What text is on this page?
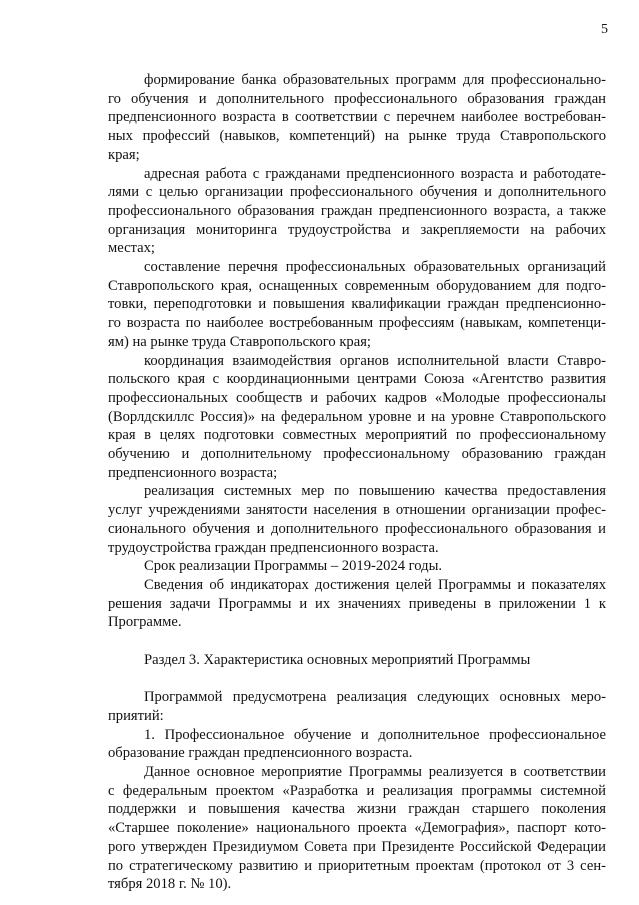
5
формирование банка образовательных программ для профессионально-
го обучения и дополнительного профессионального образования граждан
предпенсионного возраста в соответствии с перечнем наиболее востребован-
ных профессий (навыков, компетенций) на рынке труда Ставропольского
края;
адресная работа с гражданами предпенсионного возраста и работодате-
лями с целью организации профессионального обучения и дополнительного
профессионального образования граждан предпенсионного возраста, а также
организация мониторинга трудоустройства и закрепляемости на рабочих
местах;
составление перечня профессиональных образовательных организаций
Ставропольского края, оснащенных современным оборудованием для подго-
товки, переподготовки и повышения квалификации граждан предпенсионно-
го возраста по наиболее востребованным профессиям (навыкам, компетенци-
ям) на рынке труда Ставропольского края;
координация взаимодействия органов исполнительной власти Ставро-
польского края с координационными центрами Союза «Агентство развития
профессиональных сообществ и рабочих кадров «Молодые профессионалы
(Ворлдскиллс Россия)» на федеральном уровне и на уровне Ставропольского
края в целях подготовки совместных мероприятий по профессиональному
обучению и дополнительному профессиональному образованию граждан
предпенсионного возраста;
реализация системных мер по повышению качества предоставления
услуг учреждениями занятости населения в отношении организации профес-
сионального обучения и дополнительного профессионального образования и
трудоустройства граждан предпенсионного возраста.
Срок реализации Программы – 2019-2024 годы.
Сведения об индикаторах достижения целей Программы и показателях
решения задачи Программы и их значениях приведены в приложении 1 к
Программе.
Раздел 3. Характеристика основных мероприятий Программы
Программой предусмотрена реализация следующих основных меро-
приятий:
1. Профессиональное обучение и дополнительное профессиональное
образование граждан предпенсионного возраста.
Данное основное мероприятие Программы реализуется в соответствии
с федеральным проектом «Разработка и реализация программы системной
поддержки и повышения качества жизни граждан старшего поколения
«Старшее поколение» национального проекта «Демография», паспорт кото-
рого утвержден Президиумом Совета при Президенте Российской Федерации
по стратегическому развитию и приоритетным проектам (протокол от 3 сен-
тября 2018 г. № 10).
